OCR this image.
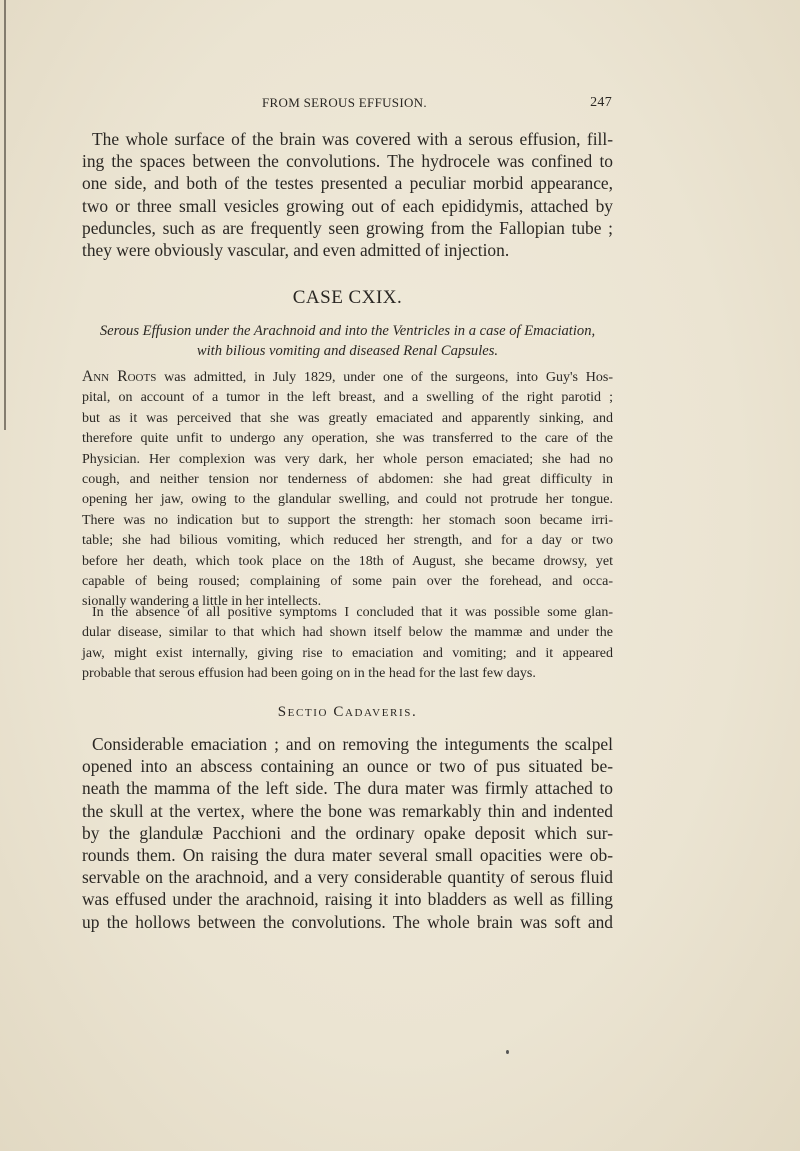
FROM SEROUS EFFUSION.	247
The whole surface of the brain was covered with a serous effusion, fill-
ing the spaces between the convolutions. The hydrocele was confined to
one side, and both of the testes presented a peculiar morbid appearance,
two or three small vesicles growing out of each epididymis, attached by
peduncles, such as are frequently seen growing from the Fallopian tube ;
they were obviously vascular, and even admitted of injection.
CASE CXIX.
Serous Effusion under the Arachnoid and into the Ventricles in a case of Emaciation,
with bilious vomiting and diseased Renal Capsules.
Ann Roots was admitted, in July 1829, under one of the surgeons, into Guy's Hos-
pital, on account of a tumor in the left breast, and a swelling of the right parotid ;
but as it was perceived that she was greatly emaciated and apparently sinking, and
therefore quite unfit to undergo any operation, she was transferred to the care of the
Physician. Her complexion was very dark, her whole person emaciated; she had no
cough, and neither tension nor tenderness of abdomen: she had great difficulty in
opening her jaw, owing to the glandular swelling, and could not protrude her tongue.
There was no indication but to support the strength: her stomach soon became irri-
table; she had bilious vomiting, which reduced her strength, and for a day or two
before her death, which took place on the 18th of August, she became drowsy, yet
capable of being roused; complaining of some pain over the forehead, and occa-
sionally wandering a little in her intellects.
In the absence of all positive symptoms I concluded that it was possible some glan-
dular disease, similar to that which had shown itself below the mammæ and under the
jaw, might exist internally, giving rise to emaciation and vomiting; and it appeared
probable that serous effusion had been going on in the head for the last few days.
Sectio Cadaveris.
Considerable emaciation ; and on removing the integuments the scalpel
opened into an abscess containing an ounce or two of pus situated be-
neath the mamma of the left side. The dura mater was firmly attached to
the skull at the vertex, where the bone was remarkably thin and indented
by the glandulæ Pacchioni and the ordinary opake deposit which sur-
rounds them. On raising the dura mater several small opacities were ob-
servable on the arachnoid, and a very considerable quantity of serous fluid
was effused under the arachnoid, raising it into bladders as well as filling
up the hollows between the convolutions. The whole brain was soft and
